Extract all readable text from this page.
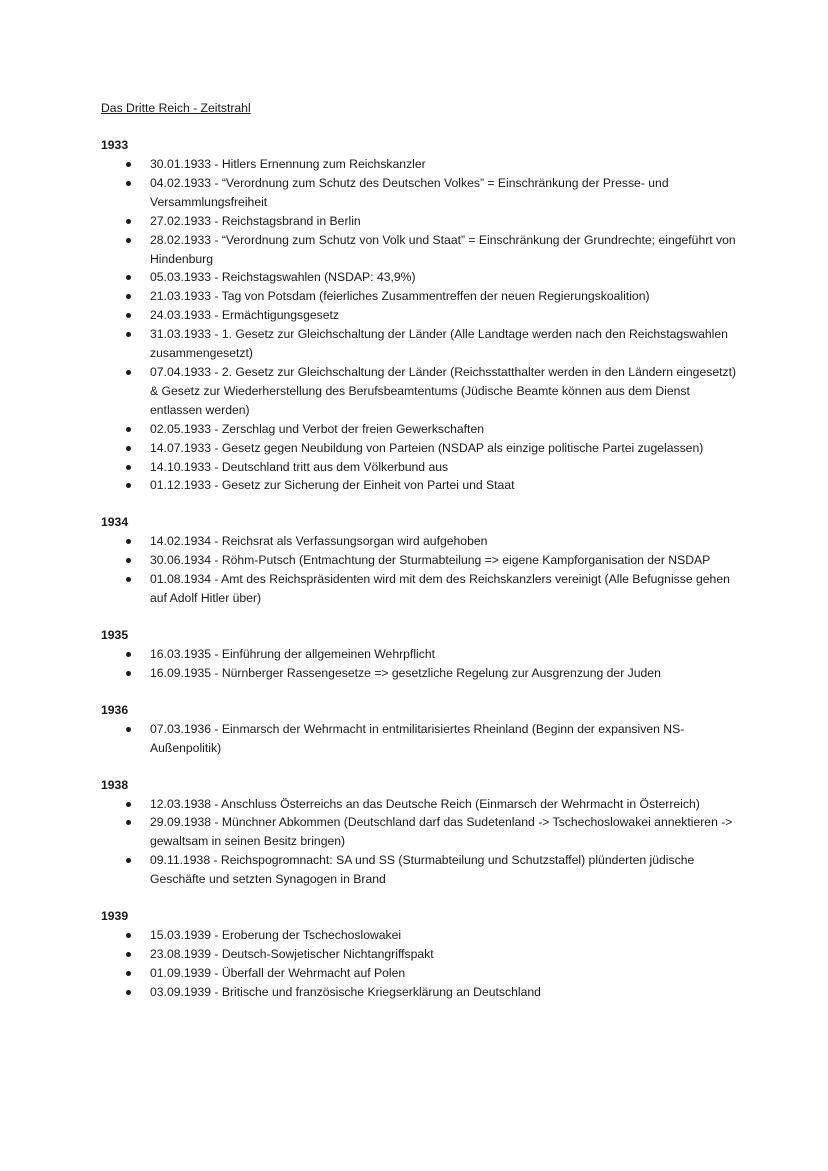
Das Dritte Reich - Zeitstrahl
1933
30.01.1933 - Hitlers Ernennung zum Reichskanzler
04.02.1933 - “Verordnung zum Schutz des Deutschen Volkes” = Einschränkung der Presse- und Versammlungsfreiheit
27.02.1933 - Reichstagsbrand in Berlin
28.02.1933 - “Verordnung zum Schutz von Volk und Staat” = Einschränkung der Grundrechte; eingeführt von Hindenburg
05.03.1933 - Reichstagswahlen (NSDAP: 43,9%)
21.03.1933 - Tag von Potsdam (feierliches Zusammentreffen der neuen Regierungskoalition)
24.03.1933 - Ermächtigungsgesetz
31.03.1933 - 1. Gesetz zur Gleichschaltung der Länder (Alle Landtage werden nach den Reichstagswahlen zusammengesetzt)
07.04.1933 - 2. Gesetz zur Gleichschaltung der Länder (Reichsstatthalter werden in den Ländern eingesetzt) & Gesetz zur Wiederherstellung des Berufsbeamtentums (Jüdische Beamte können aus dem Dienst entlassen werden)
02.05.1933 - Zerschlag und Verbot der freien Gewerkschaften
14.07.1933 - Gesetz gegen Neubildung von Parteien (NSDAP als einzige politische Partei zugelassen)
14.10.1933 - Deutschland tritt aus dem Völkerbund aus
01.12.1933 - Gesetz zur Sicherung der Einheit von Partei und Staat
1934
14.02.1934 - Reichsrat als Verfassungsorgan wird aufgehoben
30.06.1934 - Röhm-Putsch (Entmachtung der Sturmabteilung => eigene Kampforganisation der NSDAP
01.08.1934 - Amt des Reichspräsidenten wird mit dem des Reichskanzlers vereinigt (Alle Befugnisse gehen auf Adolf Hitler über)
1935
16.03.1935 - Einführung der allgemeinen Wehrpflicht
16.09.1935 - Nürnberger Rassengesetze => gesetzliche Regelung zur Ausgrenzung der Juden
1936
07.03.1936 - Einmarsch der Wehrmacht in entmilitarisiertes Rheinland (Beginn der expansiven NS-Außenpolitik)
1938
12.03.1938 - Anschluss Österreichs an das Deutsche Reich (Einmarsch der Wehrmacht in Österreich)
29.09.1938 - Münchner Abkommen (Deutschland darf das Sudetenland -> Tschechoslowakei annektieren -> gewaltsam in seinen Besitz bringen)
09.11.1938 - Reichspogromnacht: SA und SS (Sturmabteilung und Schutzstaffel) plünderten jüdische Geschäfte und setzten Synagogen in Brand
1939
15.03.1939 - Eroberung der Tschechoslowakei
23.08.1939 - Deutsch-Sowjetischer Nichtangriffspakt
01.09.1939 - Überfall der Wehrmacht auf Polen
03.09.1939 - Britische und französische Kriegserklärung an Deutschland
